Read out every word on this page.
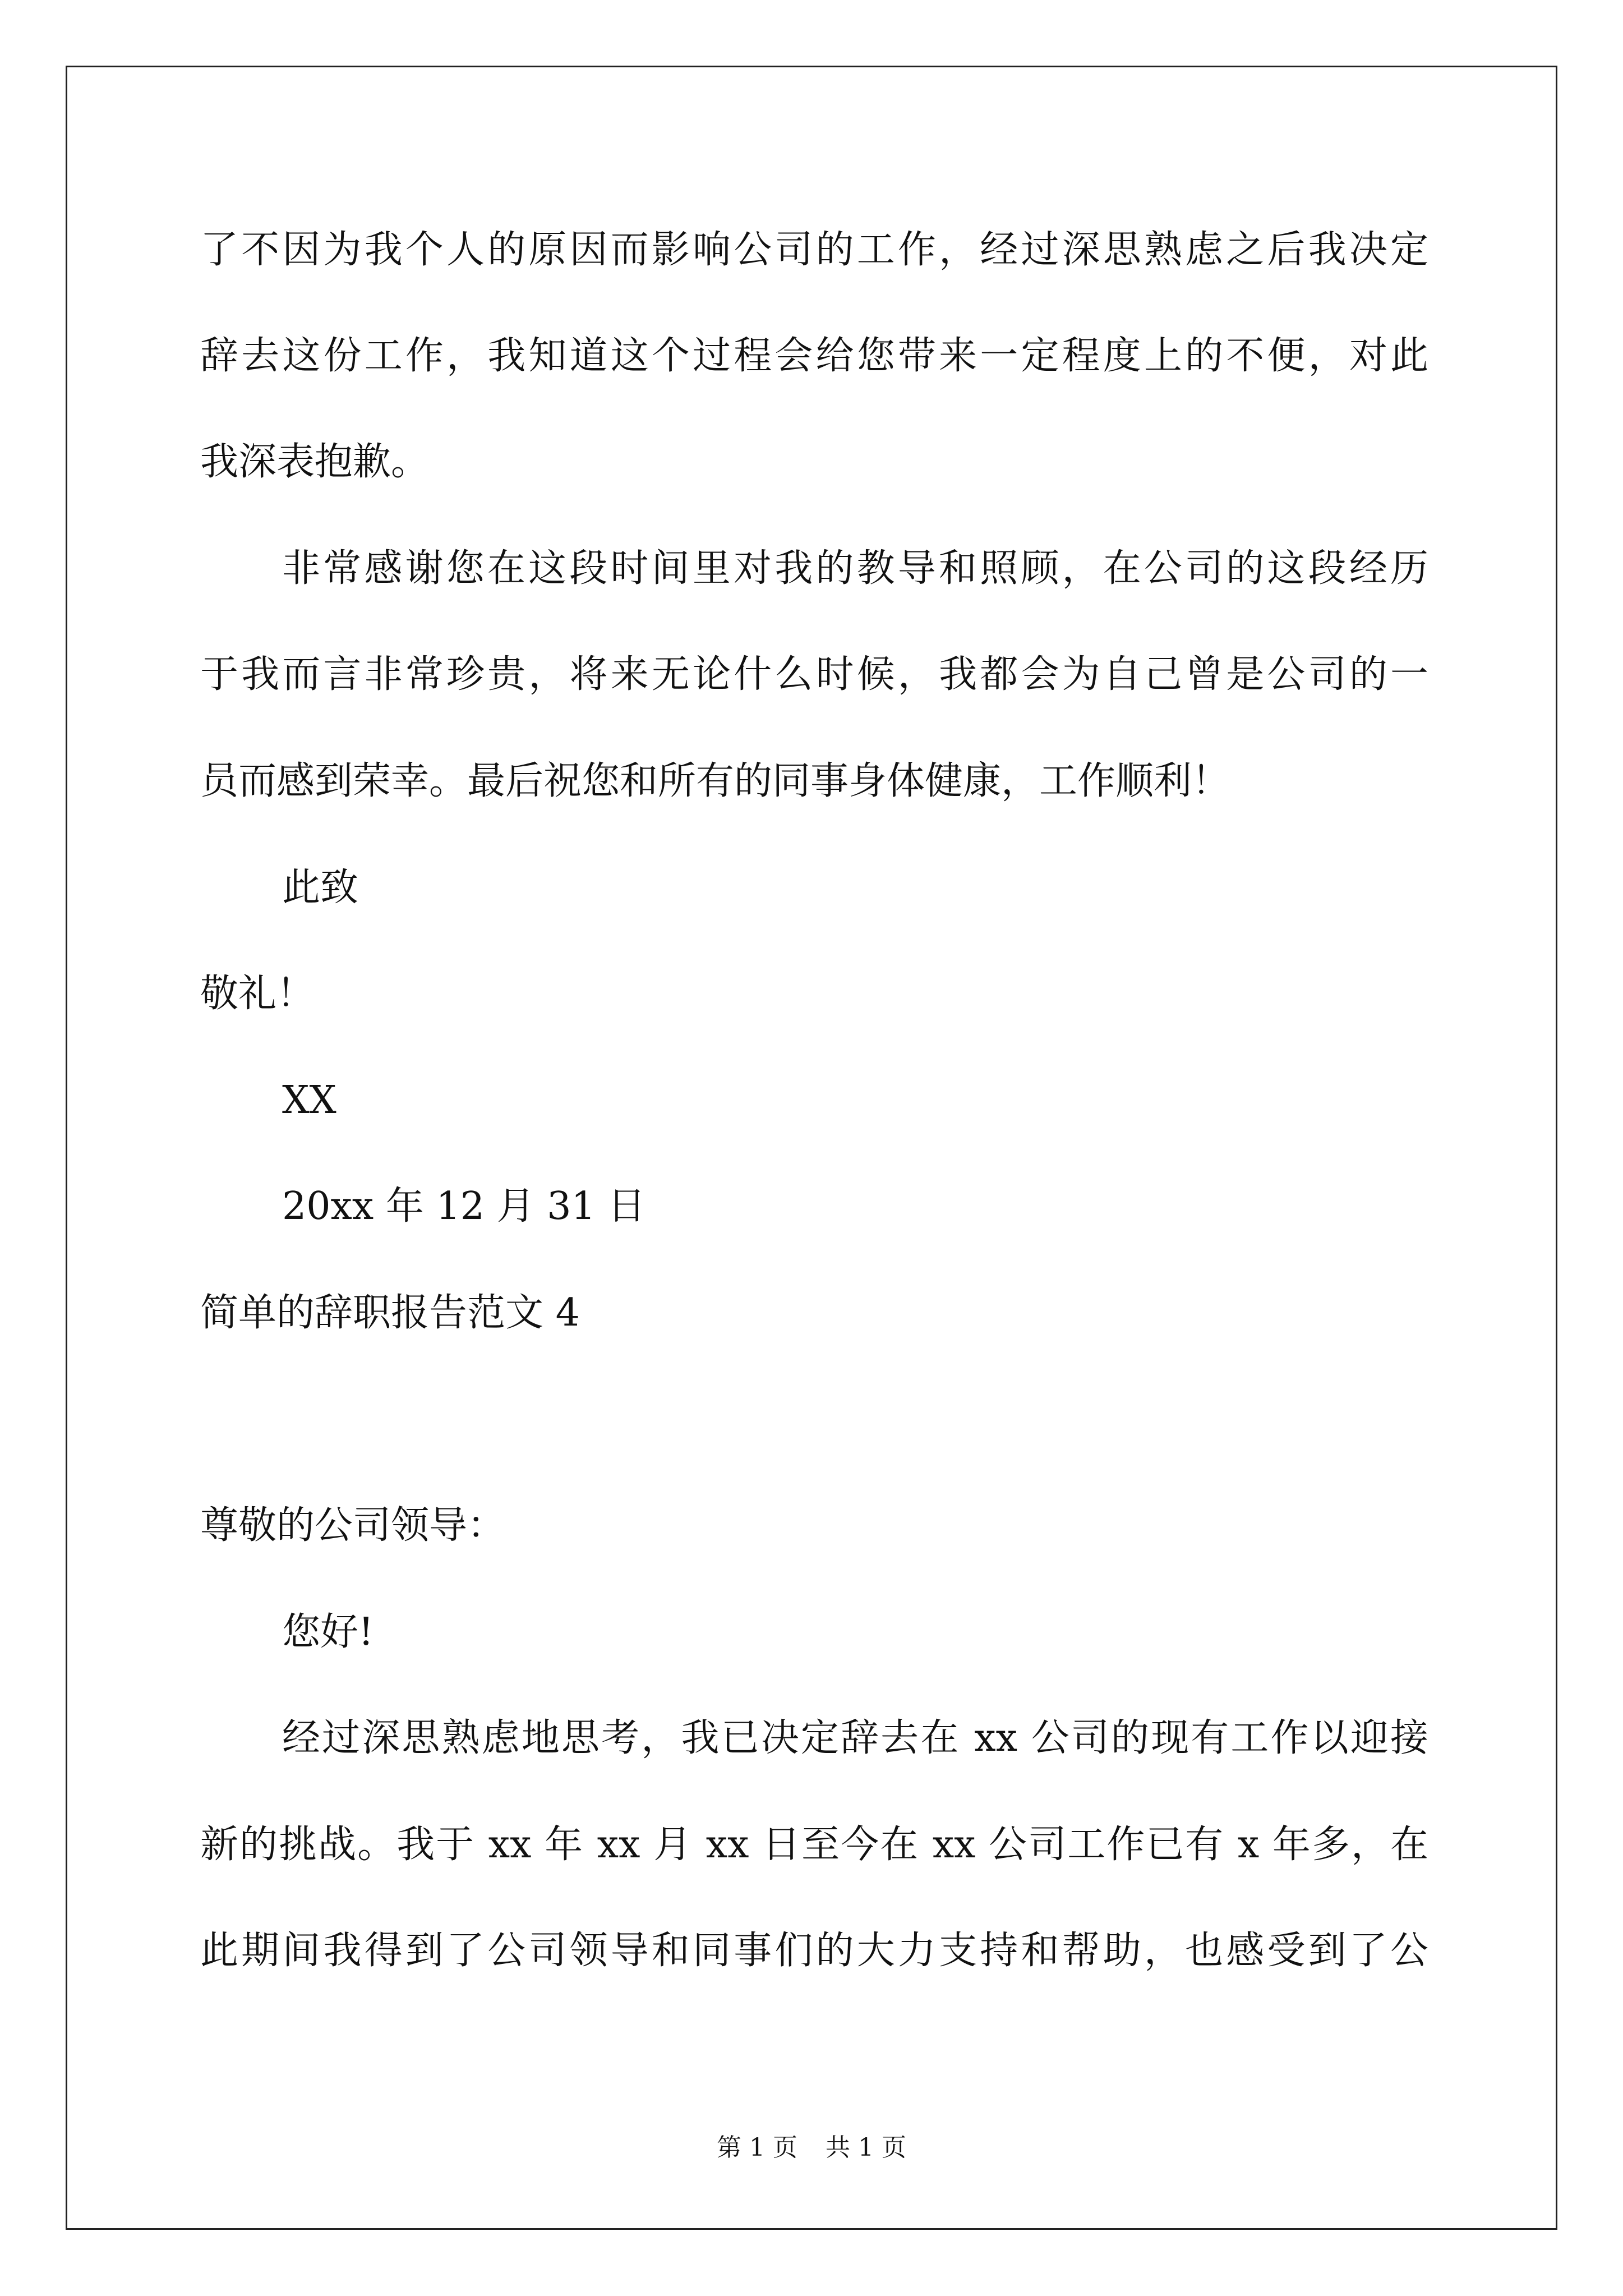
了不因为我个人的原因而影响公司的工作，经过深思熟虑之后我决定
辞去这份工作，我知道这个过程会给您带来一定程度上的不便，对此
我深表抱歉。
非常感谢您在这段时间里对我的教导和照顾，在公司的这段经历
于我而言非常珍贵，将来无论什么时候，我都会为自己曾是公司的一
员而感到荣幸。最后祝您和所有的同事身体健康，工作顺利！
此致
敬礼！
XX
20xx 年 12 月 31 日
简单的辞职报告范文 4
尊敬的公司领导：
您好!
经过深思熟虑地思考，我已决定辞去在 xx 公司的现有工作以迎接
新的挑战。我于 xx 年 xx 月 xx 日至今在 xx 公司工作已有 x 年多，在
此期间我得到了公司领导和同事们的大力支持和帮助，也感受到了公
第 1 页 共 1 页
